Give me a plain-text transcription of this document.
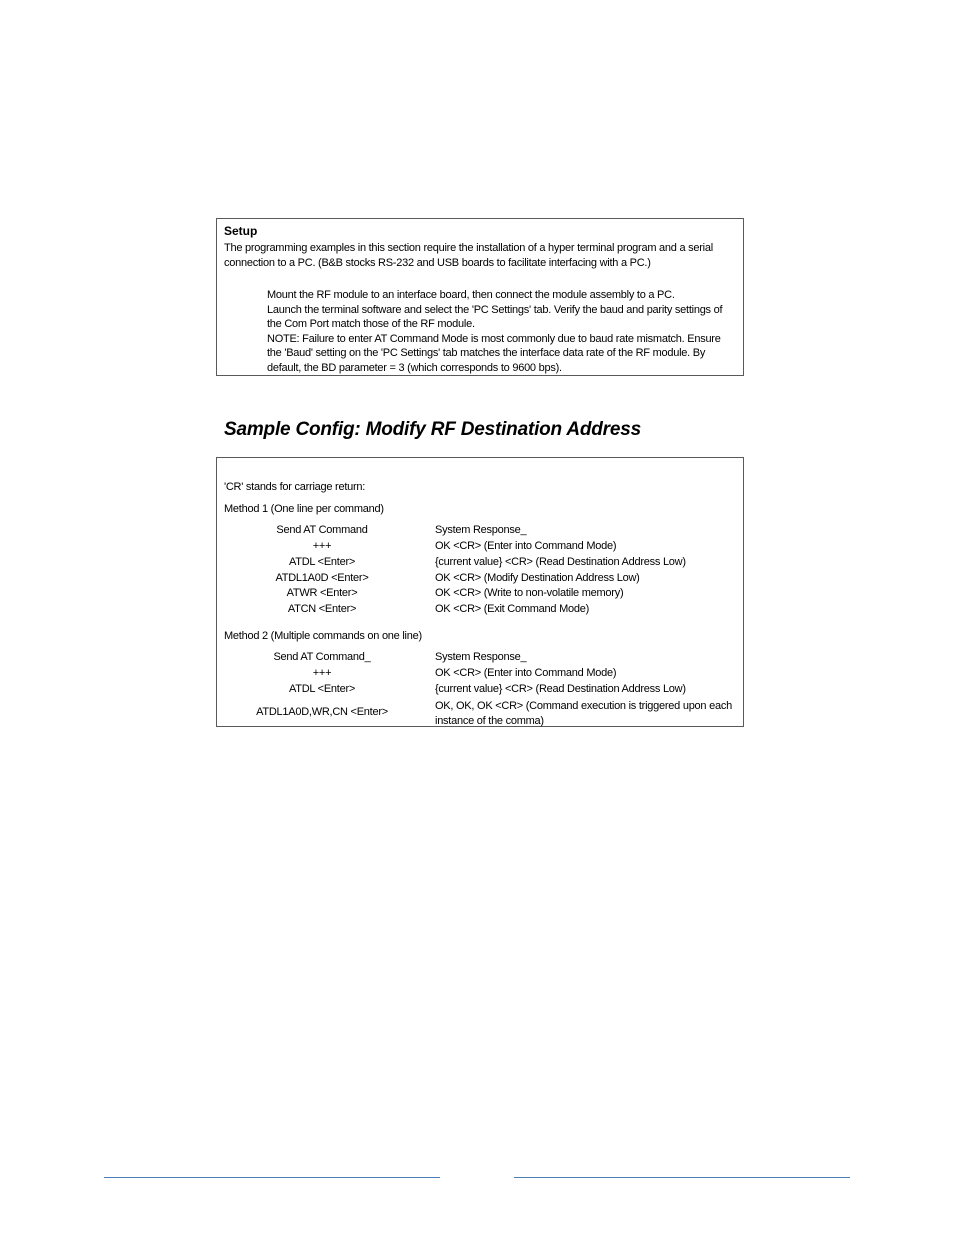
Setup
The programming examples in this section require the installation of a hyper terminal program and a serial connection to a PC. (B&B stocks RS-232 and USB boards to facilitate interfacing with a PC.)
Mount the RF module to an interface board, then connect the module assembly to a PC.
Launch the terminal software and select the 'PC Settings' tab. Verify the baud and parity settings of the Com Port match those of the RF module.
NOTE: Failure to enter AT Command Mode is most commonly due to baud rate mismatch. Ensure the 'Baud' setting on the 'PC Settings' tab matches the interface data rate of the RF module. By default, the BD parameter = 3 (which corresponds to 9600 bps).
Sample Config: Modify RF Destination Address
'CR' stands for carriage return:
Method 1 (One line per command)
Send AT Command	System Response_
+++	OK <CR> (Enter into Command Mode)
ATDL <Enter>	{current value} <CR> (Read Destination Address Low)
ATDL1A0D <Enter>	OK <CR> (Modify Destination Address Low)
ATWR <Enter>	OK <CR> (Write to non-volatile memory)
ATCN <Enter>	OK <CR> (Exit Command Mode)
Method 2 (Multiple commands on one line)
Send AT Command_	System Response_
+++	OK <CR> (Enter into Command Mode)
ATDL <Enter>	{current value} <CR> (Read Destination Address Low)
ATDL1A0D,WR,CN <Enter>	OK, OK, OK <CR> (Command execution is triggered upon each instance of the comma)
